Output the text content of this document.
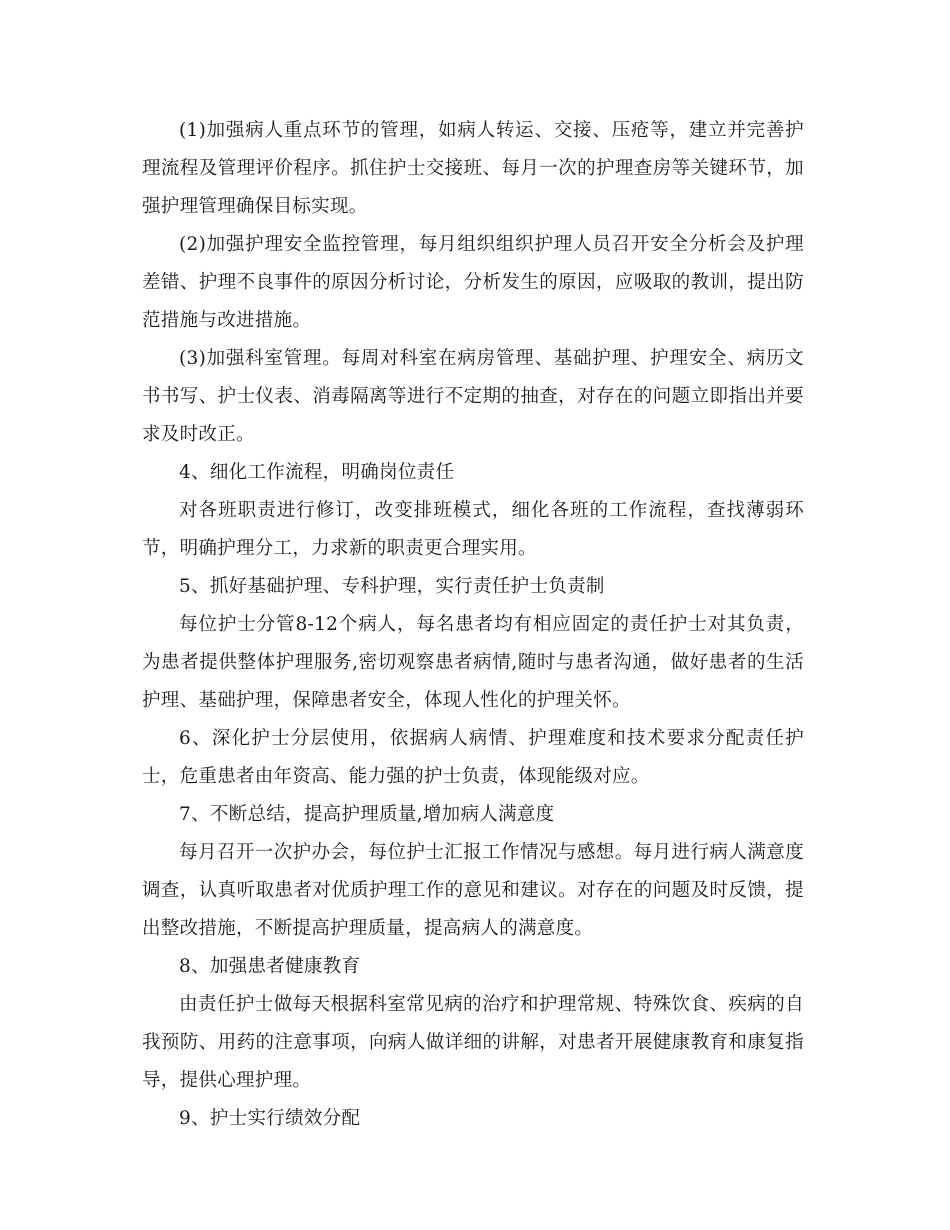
(1)加强病人重点环节的管理，如病人转运、交接、压疮等，建立并完善护理流程及管理评价程序。抓住护士交接班、每月一次的护理查房等关键环节，加强护理管理确保目标实现。

(2)加强护理安全监控管理，每月组织组织护理人员召开安全分析会及护理差错、护理不良事件的原因分析讨论，分析发生的原因，应吸取的教训，提出防范措施与改进措施。

(3)加强科室管理。每周对科室在病房管理、基础护理、护理安全、病历文书书写、护士仪表、消毒隔离等进行不定期的抽查，对存在的问题立即指出并要求及时改正。

4、细化工作流程，明确岗位责任

对各班职责进行修订，改变排班模式，细化各班的工作流程，查找薄弱环节，明确护理分工，力求新的职责更合理实用。

5、抓好基础护理、专科护理，实行责任护士负责制

每位护士分管8-12个病人，每名患者均有相应固定的责任护士对其负责，为患者提供整体护理服务,密切观察患者病情,随时与患者沟通，做好患者的生活护理、基础护理，保障患者安全，体现人性化的护理关怀。

6、深化护士分层使用，依据病人病情、护理难度和技术要求分配责任护士，危重患者由年资高、能力强的护士负责，体现能级对应。

7、不断总结，提高护理质量,增加病人满意度

每月召开一次护办会，每位护士汇报工作情况与感想。每月进行病人满意度调查，认真听取患者对优质护理工作的意见和建议。对存在的问题及时反馈，提出整改措施，不断提高护理质量，提高病人的满意度。

8、加强患者健康教育

由责任护士做每天根据科室常见病的治疗和护理常规、特殊饮食、疾病的自我预防、用药的注意事项，向病人做详细的讲解，对患者开展健康教育和康复指导，提供心理护理。

9、护士实行绩效分配
